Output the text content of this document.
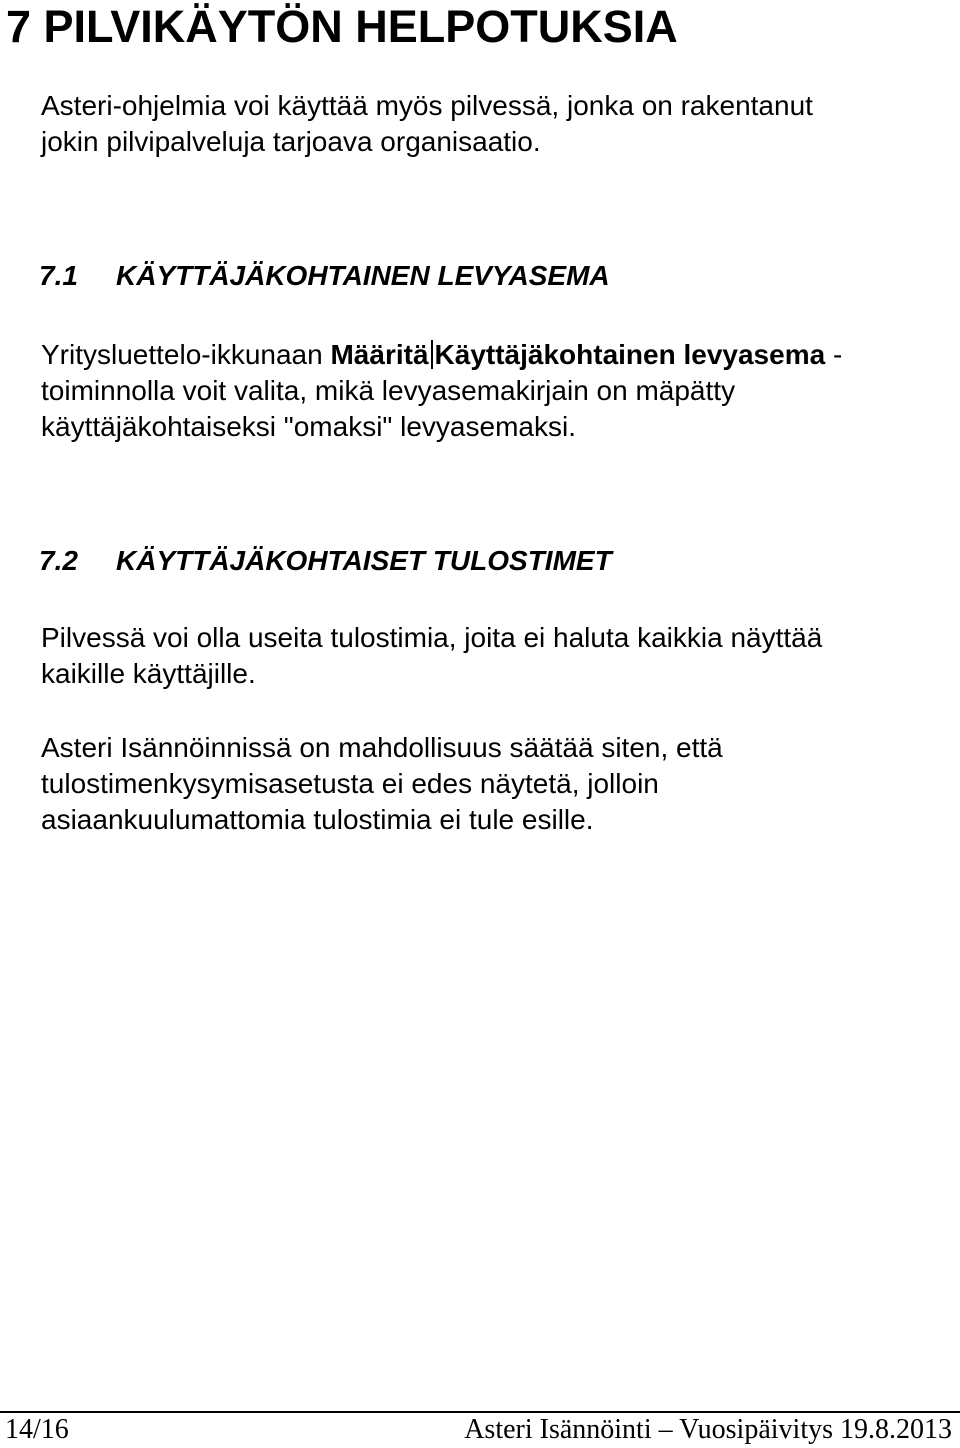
7 PILVIKÄYTÖN HELPOTUKSIA

Asteri-ohjelmia voi käyttää myös pilvessä, jonka on rakentanut
jokin pilvipalveluja tarjoava organisaatio.

7.1 KÄYTTÄJÄKOHTAINEN LEVYASEMA

Yritysluettelo-ikkunaan Määritä Käyttäjäkohtainen levyasema -
toiminnolla voit valita, mikä levyasemakirjain on mäpätty
käyttäjäkohtaiseksi "omaksi" levyasemaksi.

7.2 KÄYTTÄJÄKOHTAISET TULOSTIMET

Pilvessä voi olla useita tulostimia, joita ei haluta kaikkia näyttää
kaikille käyttäjille.

Asteri Isännöinnissä on mahdollisuus säätää siten, että
tulostimenkysymisasetusta ei edes näytetä, jolloin
asiaankuulumattomia tulostimia ei tule esille.

14/16	Asteri Isännöinti – Vuosipäivitys 19.8.2013
